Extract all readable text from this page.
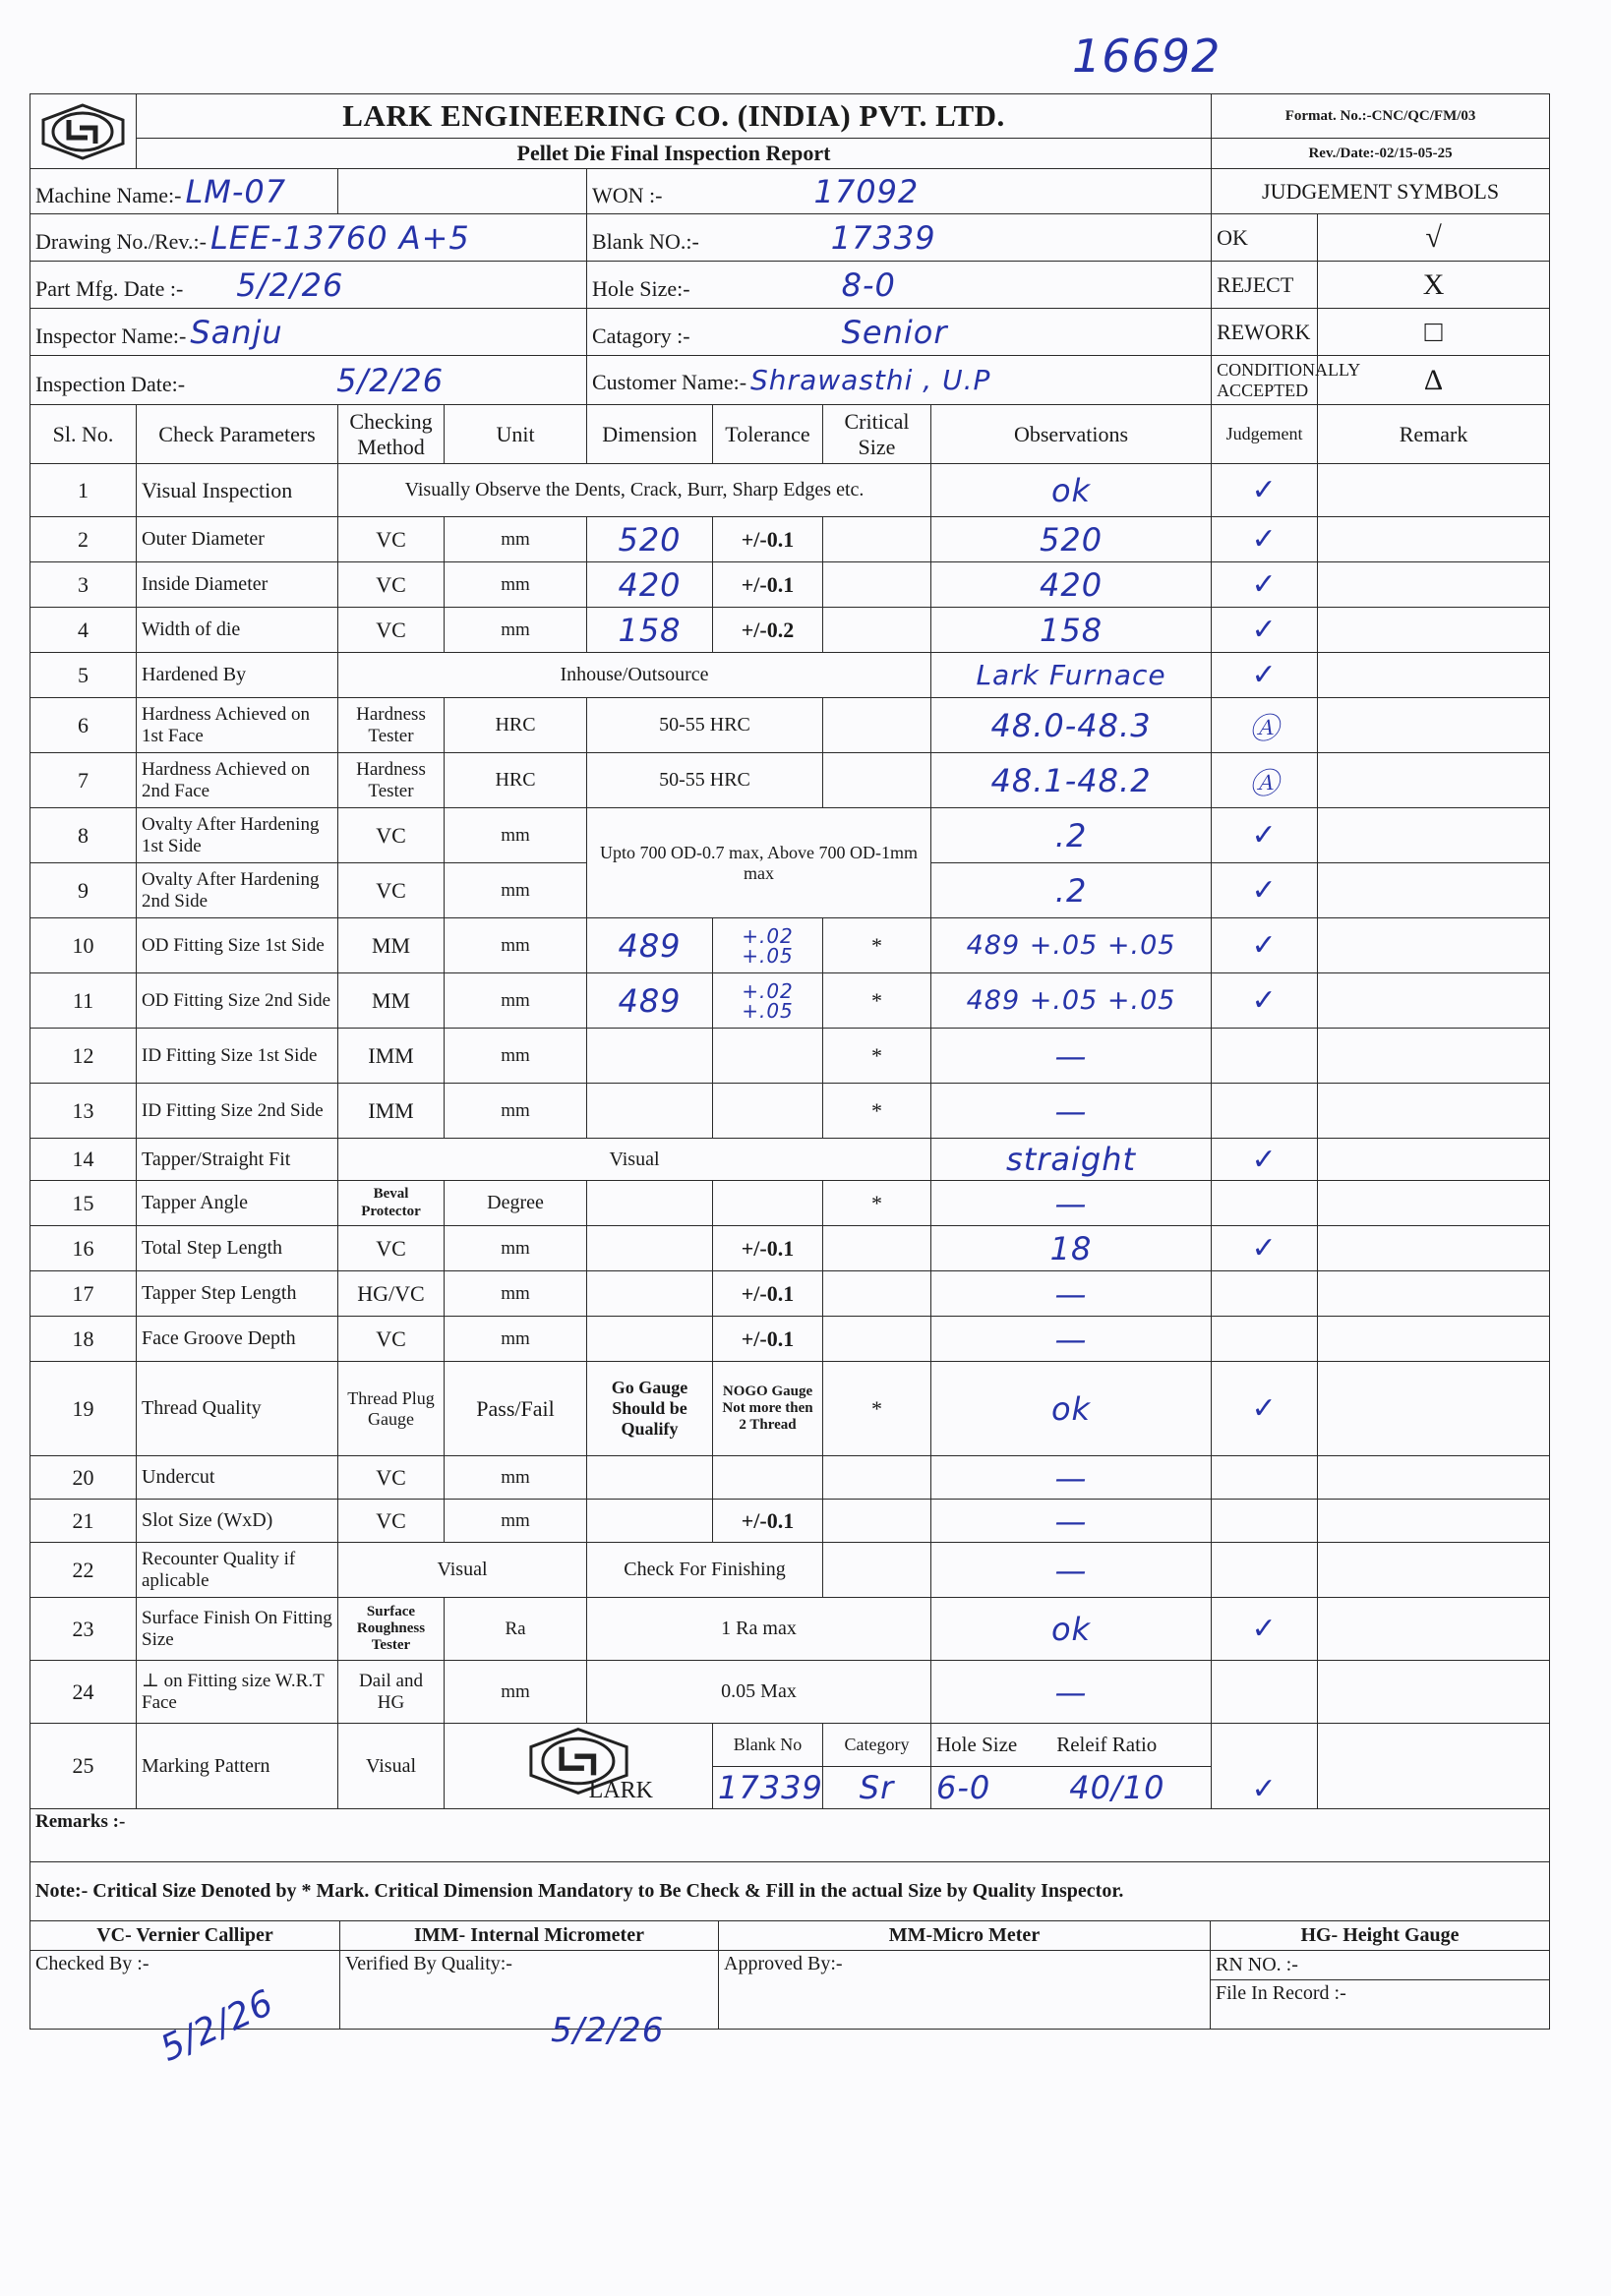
16692
	LARK ENGINEERING CO. (INDIA) PVT. LTD.							Format. No.:-CNC/QC/FM/03	
	Pellet Die Final Inspection Report							Rev./Date:-02/15-05-25	
Machine Name:- LM-07				WON :- 17092				JUDGEMENT SYMBOLS	
Drawing No./Rev.:- LEE-13760 A+5				Blank NO.:- 17339				OK	√
Part Mfg. Date :- 5/2/26				Hole Size:- 8-0				REJECT	X
Inspector Name:- Sanju				Catagory :- Senior				REWORK	□
Inspection Date:- 5/2/26				Customer Name:- Shrawasthi , U.P				CONDITIONALLY ACCEPTED	Δ
Sl. No.	Check Parameters	Checking Method	Unit	Dimension	Tolerance	Critical Size	Observations	Judgement	Remark
1	Visual Inspection	Visually Observe the Dents, Crack, Burr, Sharp Edges etc.					ok	✓	
2	Outer Diameter	VC	mm	520	+/-0.1		520	✓	
3	Inside Diameter	VC	mm	420	+/-0.1		420	✓	
4	Width of die	VC	mm	158	+/-0.2		158	✓	
5	Hardened By	Inhouse/Outsource					Lark Furnace	✓	
6	Hardness Achieved on 1st Face	Hardness Tester	HRC	50-55 HRC			48.0-48.3	Ⓐ	
7	Hardness Achieved on 2nd Face	Hardness Tester	HRC	50-55 HRC			48.1-48.2	Ⓐ	
8	Ovalty After Hardening 1st Side	VC	mm	Upto 700 OD-0.7 max, Above 700 OD-1mm max			.2	✓	
9	Ovalty After Hardening 2nd Side	VC	mm				.2	✓	
10	OD Fitting Size 1st Side	MM	mm	489	+.02 +.05	*	489 +.05 +.05	✓	
11	OD Fitting Size 2nd Side	MM	mm	489	+.02 +.05	*	489 +.05 +.05	✓	
12	ID Fitting Size 1st Side	IMM	mm			*	—		
13	ID Fitting Size 2nd Side	IMM	mm			*	—		
14	Tapper/Straight Fit	Visual					straight	✓	
15	Tapper Angle	Beval Protector	Degree			*	—		
16	Total Step Length	VC	mm		+/-0.1		18	✓	
17	Tapper Step Length	HG/VC	mm		+/-0.1		—		
18	Face Groove Depth	VC	mm		+/-0.1		—		
19	Thread Quality	Thread Plug Gauge	Pass/Fail	Go Gauge Should be Qualify	NOGO Gauge Not more then 2 Thread	*	ok	✓	
20	Undercut	VC	mm				—		
21	Slot Size (WxD)	VC	mm		+/-0.1		—		
22	Recounter Quality if aplicable	Visual		Check For Finishing			—		
23	Surface Finish On Fitting Size	Surface Roughness Tester	Ra	1 Ra max			ok	✓	
24	⊥ on Fitting size W.R.T Face	Dail and HG	mm	0.05 Max			—		
25	Marking Pattern	Visual	LARK		Blank No	Category	Hole Size Releif Ratio	✓	
					17339	Sr	6-0 40/10		
Remarks :-									
Note:- Critical Size Denoted by * Mark. Critical Dimension Mandatory to Be Check & Fill in the actual Size by Quality Inspector.									
VC- Vernier Calliper	IMM- Internal Micrometer	MM-Micro Meter	HG- Height Gauge
Checked By :-	Verified By Quality:-	Approved By:-	RN NO. :-
			File In Record :-
5/2/26	5/2/26
